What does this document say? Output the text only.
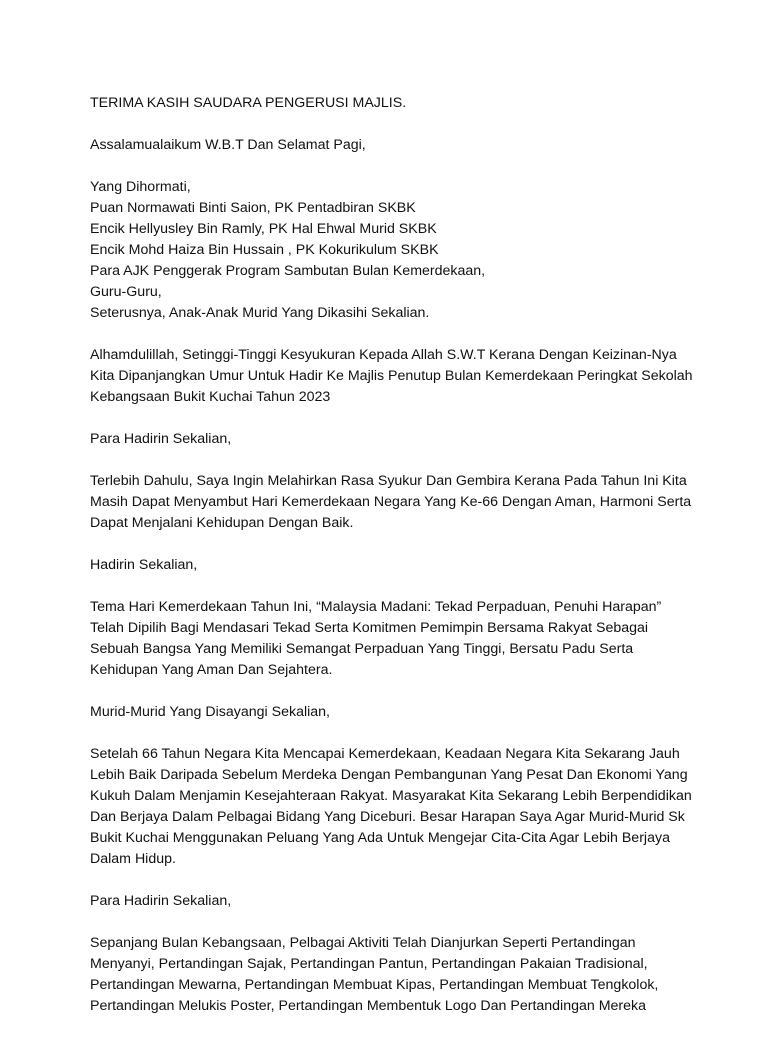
TERIMA KASIH SAUDARA PENGERUSI MAJLIS.

Assalamualaikum W.B.T Dan Selamat Pagi,

Yang Dihormati,
Puan Normawati Binti Saion, PK Pentadbiran SKBK
Encik Hellyusley Bin Ramly, PK Hal Ehwal Murid SKBK
Encik Mohd Haiza Bin Hussain , PK Kokurikulum SKBK
Para AJK Penggerak Program Sambutan Bulan Kemerdekaan,
Guru-Guru,
Seterusnya, Anak-Anak Murid Yang Dikasihi Sekalian.

Alhamdulillah, Setinggi-Tinggi Kesyukuran Kepada Allah S.W.T Kerana Dengan Keizinan-Nya
Kita Dipanjangkan Umur Untuk Hadir Ke Majlis Penutup Bulan Kemerdekaan Peringkat Sekolah
Kebangsaan Bukit Kuchai Tahun 2023

Para Hadirin Sekalian,

Terlebih Dahulu, Saya Ingin Melahirkan Rasa Syukur Dan Gembira Kerana Pada Tahun Ini Kita
Masih Dapat Menyambut Hari Kemerdekaan Negara Yang Ke-66 Dengan Aman, Harmoni Serta
Dapat Menjalani Kehidupan Dengan Baik.

Hadirin Sekalian,

Tema Hari Kemerdekaan Tahun Ini, “Malaysia Madani: Tekad Perpaduan, Penuhi Harapan”
Telah Dipilih Bagi Mendasari Tekad Serta Komitmen Pemimpin Bersama Rakyat Sebagai
Sebuah Bangsa Yang Memiliki Semangat Perpaduan Yang Tinggi, Bersatu Padu Serta
Kehidupan Yang Aman Dan Sejahtera.

Murid-Murid Yang Disayangi Sekalian,

Setelah 66 Tahun Negara Kita Mencapai Kemerdekaan, Keadaan Negara Kita Sekarang Jauh
Lebih Baik Daripada Sebelum Merdeka Dengan Pembangunan Yang Pesat Dan Ekonomi Yang
Kukuh Dalam Menjamin Kesejahteraan Rakyat. Masyarakat Kita Sekarang Lebih Berpendidikan
Dan Berjaya Dalam Pelbagai Bidang Yang Diceburi. Besar Harapan Saya Agar Murid-Murid Sk
Bukit Kuchai Menggunakan Peluang Yang Ada Untuk Mengejar Cita-Cita Agar Lebih Berjaya
Dalam Hidup.

Para Hadirin Sekalian,

Sepanjang Bulan Kebangsaan, Pelbagai Aktiviti Telah Dianjurkan Seperti Pertandingan
Menyanyi, Pertandingan Sajak, Pertandingan Pantun, Pertandingan Pakaian Tradisional,
Pertandingan Mewarna, Pertandingan Membuat Kipas, Pertandingan Membuat Tengkolok,
Pertandingan Melukis Poster, Pertandingan Membentuk Logo Dan Pertandingan Mereka
